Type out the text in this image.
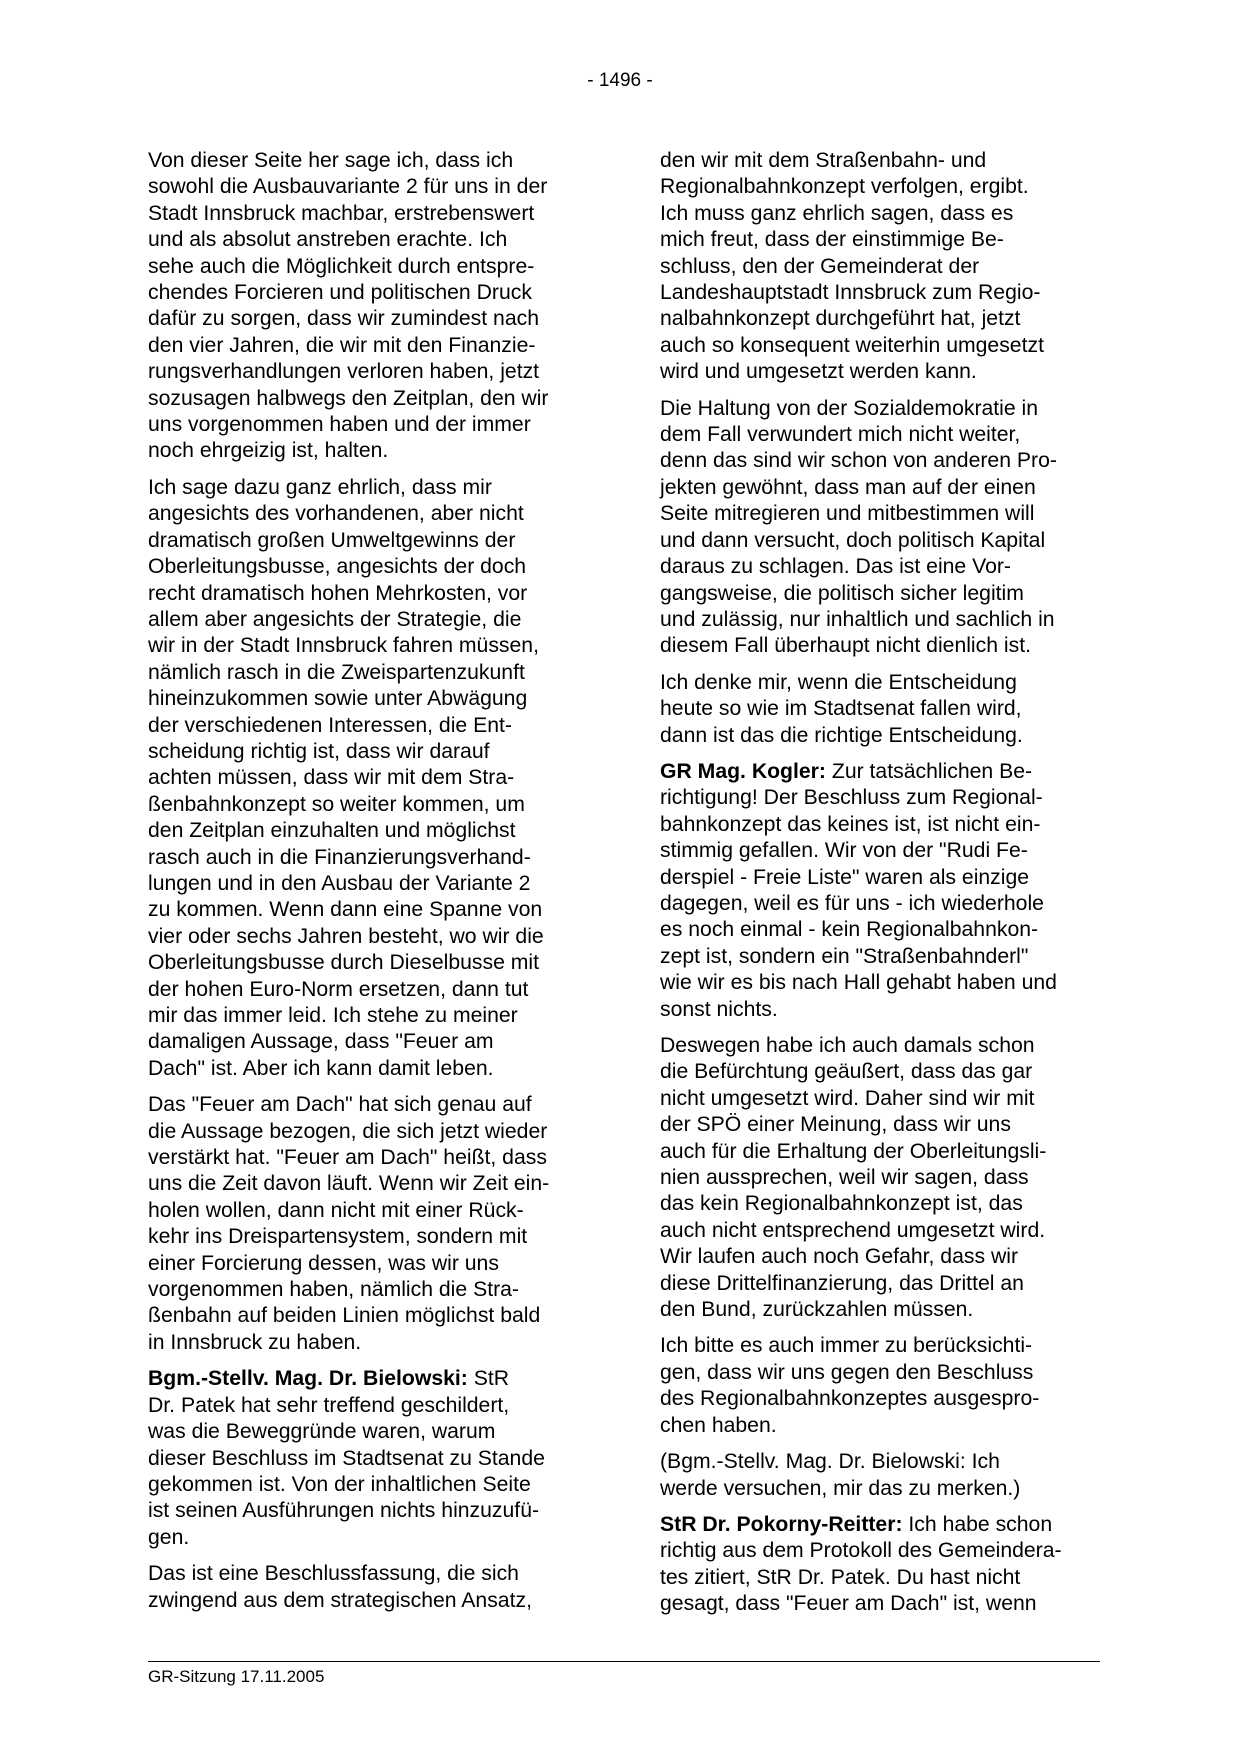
- 1496 -

Von dieser Seite her sage ich, dass ich
sowohl die Ausbauvariante 2 für uns in der
Stadt Innsbruck machbar, erstrebenswert
und als absolut anstreben erachte. Ich
sehe auch die Möglichkeit durch entspre-
chendes Forcieren und politischen Druck
dafür zu sorgen, dass wir zumindest nach
den vier Jahren, die wir mit den Finanzie-
rungsverhandlungen verloren haben, jetzt
sozusagen halbwegs den Zeitplan, den wir
uns vorgenommen haben und der immer
noch ehrgeizig ist, halten.

Ich sage dazu ganz ehrlich, dass mir
angesichts des vorhandenen, aber nicht
dramatisch großen Umweltgewinns der
Oberleitungsbusse, angesichts der doch
recht dramatisch hohen Mehrkosten, vor
allem aber angesichts der Strategie, die
wir in der Stadt Innsbruck fahren müssen,
nämlich rasch in die Zweispartenzukunft
hineinzukommen sowie unter Abwägung
der verschiedenen Interessen, die Ent-
scheidung richtig ist, dass wir darauf
achten müssen, dass wir mit dem Stra-
ßenbahnkonzept so weiter kommen, um
den Zeitplan einzuhalten und möglichst
rasch auch in die Finanzierungsverhand-
lungen und in den Ausbau der Variante 2
zu kommen. Wenn dann eine Spanne von
vier oder sechs Jahren besteht, wo wir die
Oberleitungsbusse durch Dieselbusse mit
der hohen Euro-Norm ersetzen, dann tut
mir das immer leid. Ich stehe zu meiner
damaligen Aussage, dass "Feuer am
Dach" ist. Aber ich kann damit leben.

Das "Feuer am Dach" hat sich genau auf
die Aussage bezogen, die sich jetzt wieder
verstärkt hat. "Feuer am Dach" heißt, dass
uns die Zeit davon läuft. Wenn wir Zeit ein-
holen wollen, dann nicht mit einer Rück-
kehr ins Dreispartensystem, sondern mit
einer Forcierung dessen, was wir uns
vorgenommen haben, nämlich die Stra-
ßenbahn auf beiden Linien möglichst bald
in Innsbruck zu haben.

Bgm.-Stellv. Mag. Dr. Bielowski: StR
Dr. Patek hat sehr treffend geschildert,
was die Beweggründe waren, warum
dieser Beschluss im Stadtsenat zu Stande
gekommen ist. Von der inhaltlichen Seite
ist seinen Ausführungen nichts hinzuzufü-
gen.

Das ist eine Beschlussfassung, die sich
zwingend aus dem strategischen Ansatz,

den wir mit dem Straßenbahn- und
Regionalbahnkonzept verfolgen, ergibt.
Ich muss ganz ehrlich sagen, dass es
mich freut, dass der einstimmige Be-
schluss, den der Gemeinderat der
Landeshauptstadt Innsbruck zum Regio-
nalbahnkonzept durchgeführt hat, jetzt
auch so konsequent weiterhin umgesetzt
wird und umgesetzt werden kann.

Die Haltung von der Sozialdemokratie in
dem Fall verwundert mich nicht weiter,
denn das sind wir schon von anderen Pro-
jekten gewöhnt, dass man auf der einen
Seite mitregieren und mitbestimmen will
und dann versucht, doch politisch Kapital
daraus zu schlagen. Das ist eine Vor-
gangsweise, die politisch sicher legitim
und zulässig, nur inhaltlich und sachlich in
diesem Fall überhaupt nicht dienlich ist.

Ich denke mir, wenn die Entscheidung
heute so wie im Stadtsenat fallen wird,
dann ist das die richtige Entscheidung.

GR Mag. Kogler: Zur tatsächlichen Be-
richtigung! Der Beschluss zum Regional-
bahnkonzept das keines ist, ist nicht ein-
stimmig gefallen. Wir von der "Rudi Fe-
derspiel - Freie Liste" waren als einzige
dagegen, weil es für uns - ich wiederhole
es noch einmal - kein Regionalbahnkon-
zept ist, sondern ein "Straßenbahnderl"
wie wir es bis nach Hall gehabt haben und
sonst nichts.

Deswegen habe ich auch damals schon
die Befürchtung geäußert, dass das gar
nicht umgesetzt wird. Daher sind wir mit
der SPÖ einer Meinung, dass wir uns
auch für die Erhaltung der Oberleitungsli-
nien aussprechen, weil wir sagen, dass
das kein Regionalbahnkonzept ist, das
auch nicht entsprechend umgesetzt wird.
Wir laufen auch noch Gefahr, dass wir
diese Drittelfinanzierung, das Drittel an
den Bund, zurückzahlen müssen.

Ich bitte es auch immer zu berücksichti-
gen, dass wir uns gegen den Beschluss
des Regionalbahnkonzeptes ausgespro-
chen haben.

(Bgm.-Stellv. Mag. Dr. Bielowski: Ich
werde versuchen, mir das zu merken.)

StR Dr. Pokorny-Reitter: Ich habe schon
richtig aus dem Protokoll des Gemeindera-
tes zitiert, StR Dr. Patek. Du hast nicht
gesagt, dass "Feuer am Dach" ist, wenn

GR-Sitzung 17.11.2005
